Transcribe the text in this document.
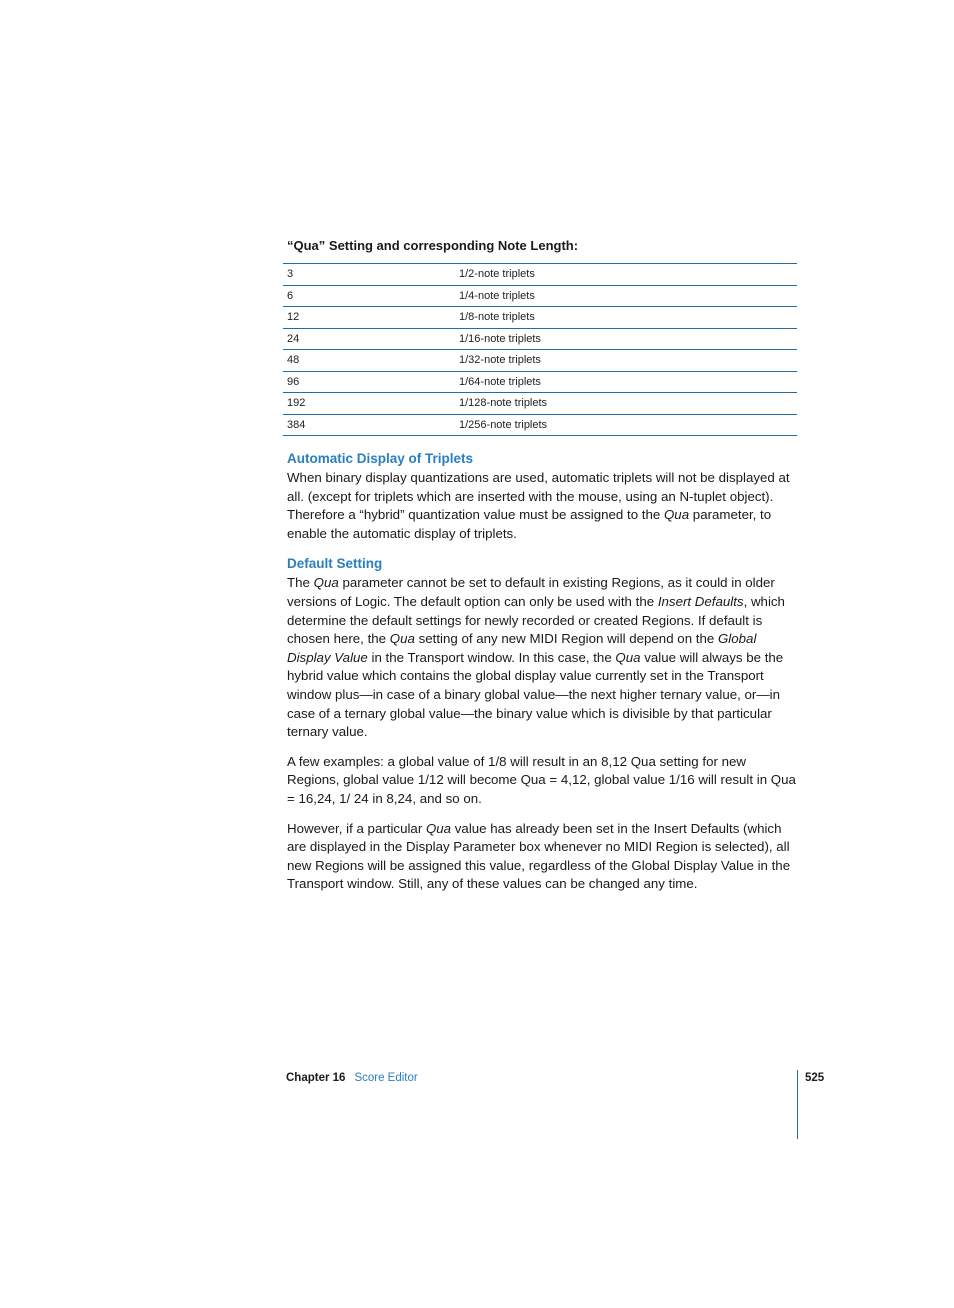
“Qua” Setting and corresponding Note Length:
3	1/2-note triplets
6	1/4-note triplets
12	1/8-note triplets
24	1/16-note triplets
48	1/32-note triplets
96	1/64-note triplets
192	1/128-note triplets
384	1/256-note triplets
Automatic Display of Triplets

When binary display quantizations are used, automatic triplets will not be displayed at all. (except for triplets which are inserted with the mouse, using an N-tuplet object). Therefore a “hybrid” quantization value must be assigned to the Qua parameter, to enable the automatic display of triplets.

Default Setting

The Qua parameter cannot be set to default in existing Regions, as it could in older versions of Logic. The default option can only be used with the Insert Defaults, which determine the default settings for newly recorded or created Regions. If default is chosen here, the Qua setting of any new MIDI Region will depend on the Global Display Value in the Transport window. In this case, the Qua value will always be the hybrid value which contains the global display value currently set in the Transport window plus—in case of a binary global value—the next higher ternary value, or—in case of a ternary global value—the binary value which is divisible by that particular ternary value.

A few examples: a global value of 1/8 will result in an 8,12 Qua setting for new Regions, global value 1/12 will become Qua = 4,12, global value 1/16 will result in Qua = 16,24, 1/ 24 in 8,24, and so on.

However, if a particular Qua value has already been set in the Insert Defaults (which are displayed in the Display Parameter box whenever no MIDI Region is selected), all new Regions will be assigned this value, regardless of the Global Display Value in the Transport window. Still, any of these values can be changed any time.

Chapter 16 Score Editor	525
